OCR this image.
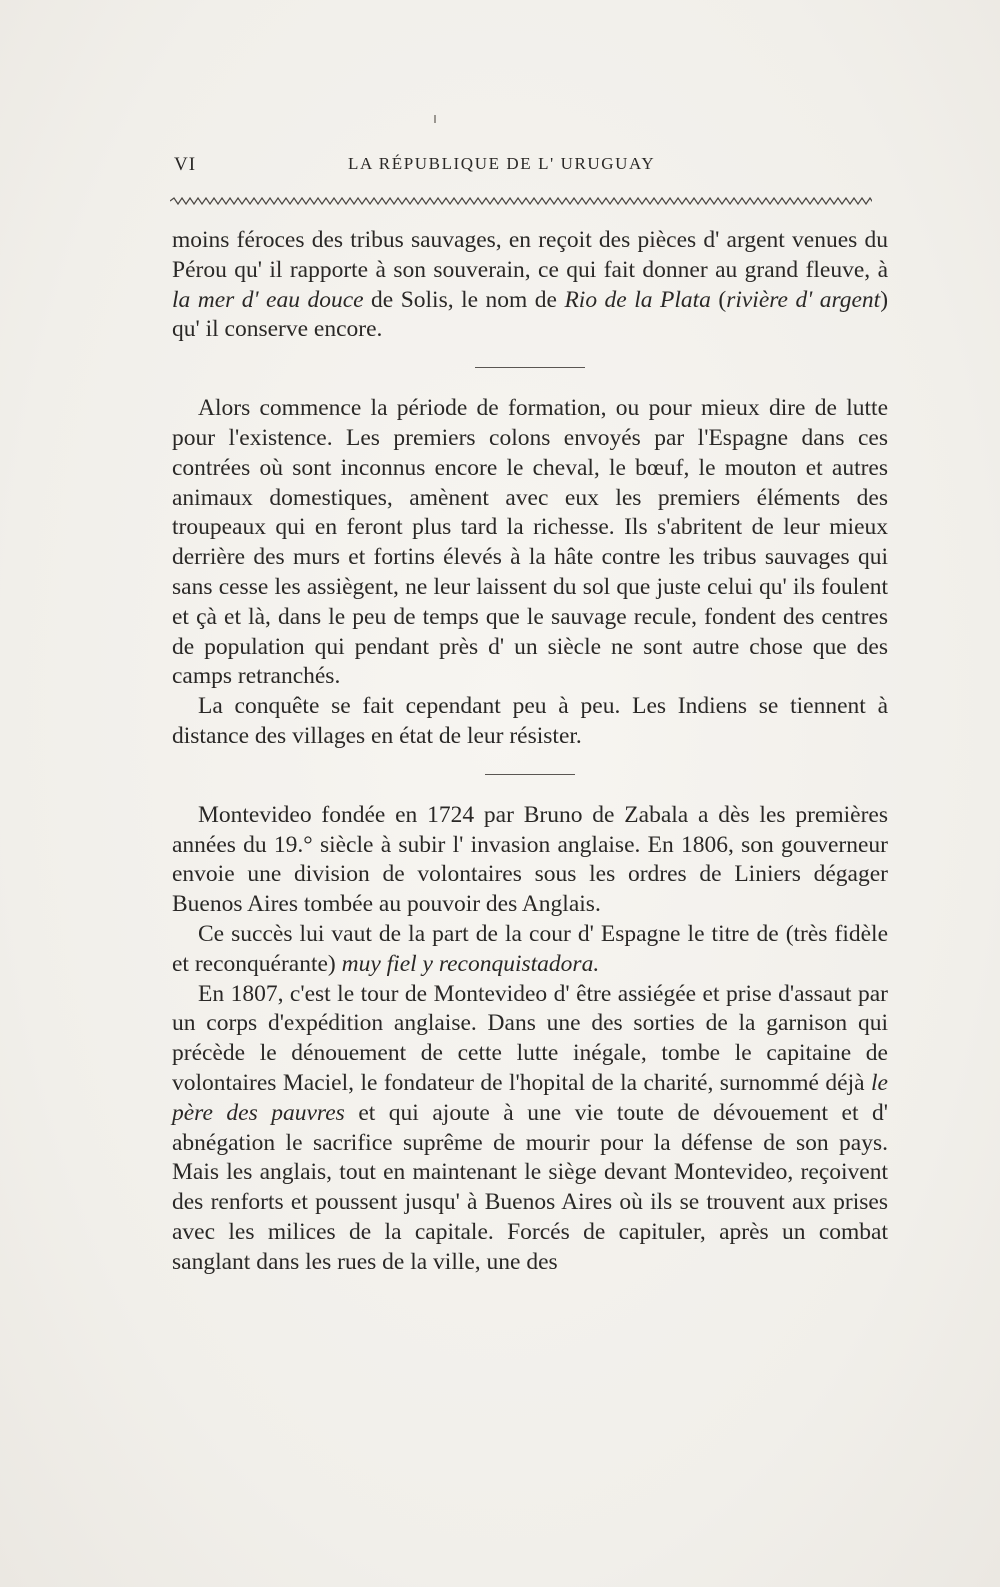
VI	LA RÉPUBLIQUE DE L' URUGUAY

moins féroces des tribus sauvages, en reçoit des pièces d' argent venues du Pérou qu' il rapporte à son souverain, ce qui fait donner au grand fleuve, à la mer d' eau douce de Solis, le nom de Rio de la Plata (rivière d' argent) qu' il conserve encore.

Alors commence la période de formation, ou pour mieux dire de lutte pour l'existence. Les premiers colons envoyés par l'Espagne dans ces contrées où sont inconnus encore le cheval, le bœuf, le mouton et autres animaux domestiques, amènent avec eux les premiers éléments des troupeaux qui en feront plus tard la richesse. Ils s'abritent de leur mieux derrière des murs et fortins élevés à la hâte contre les tribus sauvages qui sans cesse les assiègent, ne leur laissent du sol que juste celui qu' ils foulent et çà et là, dans le peu de temps que le sauvage recule, fondent des centres de population qui pendant près d' un siècle ne sont autre chose que des camps retranchés.

La conquête se fait cependant peu à peu. Les Indiens se tiennent à distance des villages en état de leur résister.

Montevideo fondée en 1724 par Bruno de Zabala a dès les premières années du 19.° siècle à subir l' invasion anglaise. En 1806, son gouverneur envoie une division de volontaires sous les ordres de Liniers dégager Buenos Aires tombée au pouvoir des Anglais.

Ce succès lui vaut de la part de la cour d' Espagne le titre de (très fidèle et reconquérante) muy fiel y reconquistadora.

En 1807, c'est le tour de Montevideo d' être assiégée et prise d'assaut par un corps d'expédition anglaise. Dans une des sorties de la garnison qui précède le dénouement de cette lutte inégale, tombe le capitaine de volontaires Maciel, le fondateur de l'hopital de la charité, surnommé déjà le père des pauvres et qui ajoute à une vie toute de dévouement et d' abnégation le sacrifice suprême de mourir pour la défense de son pays. Mais les anglais, tout en maintenant le siège devant Montevideo, reçoivent des renforts et poussent jusqu' à Buenos Aires où ils se trouvent aux prises avec les milices de la capitale. Forcés de capituler, après un combat sanglant dans les rues de la ville, une des
